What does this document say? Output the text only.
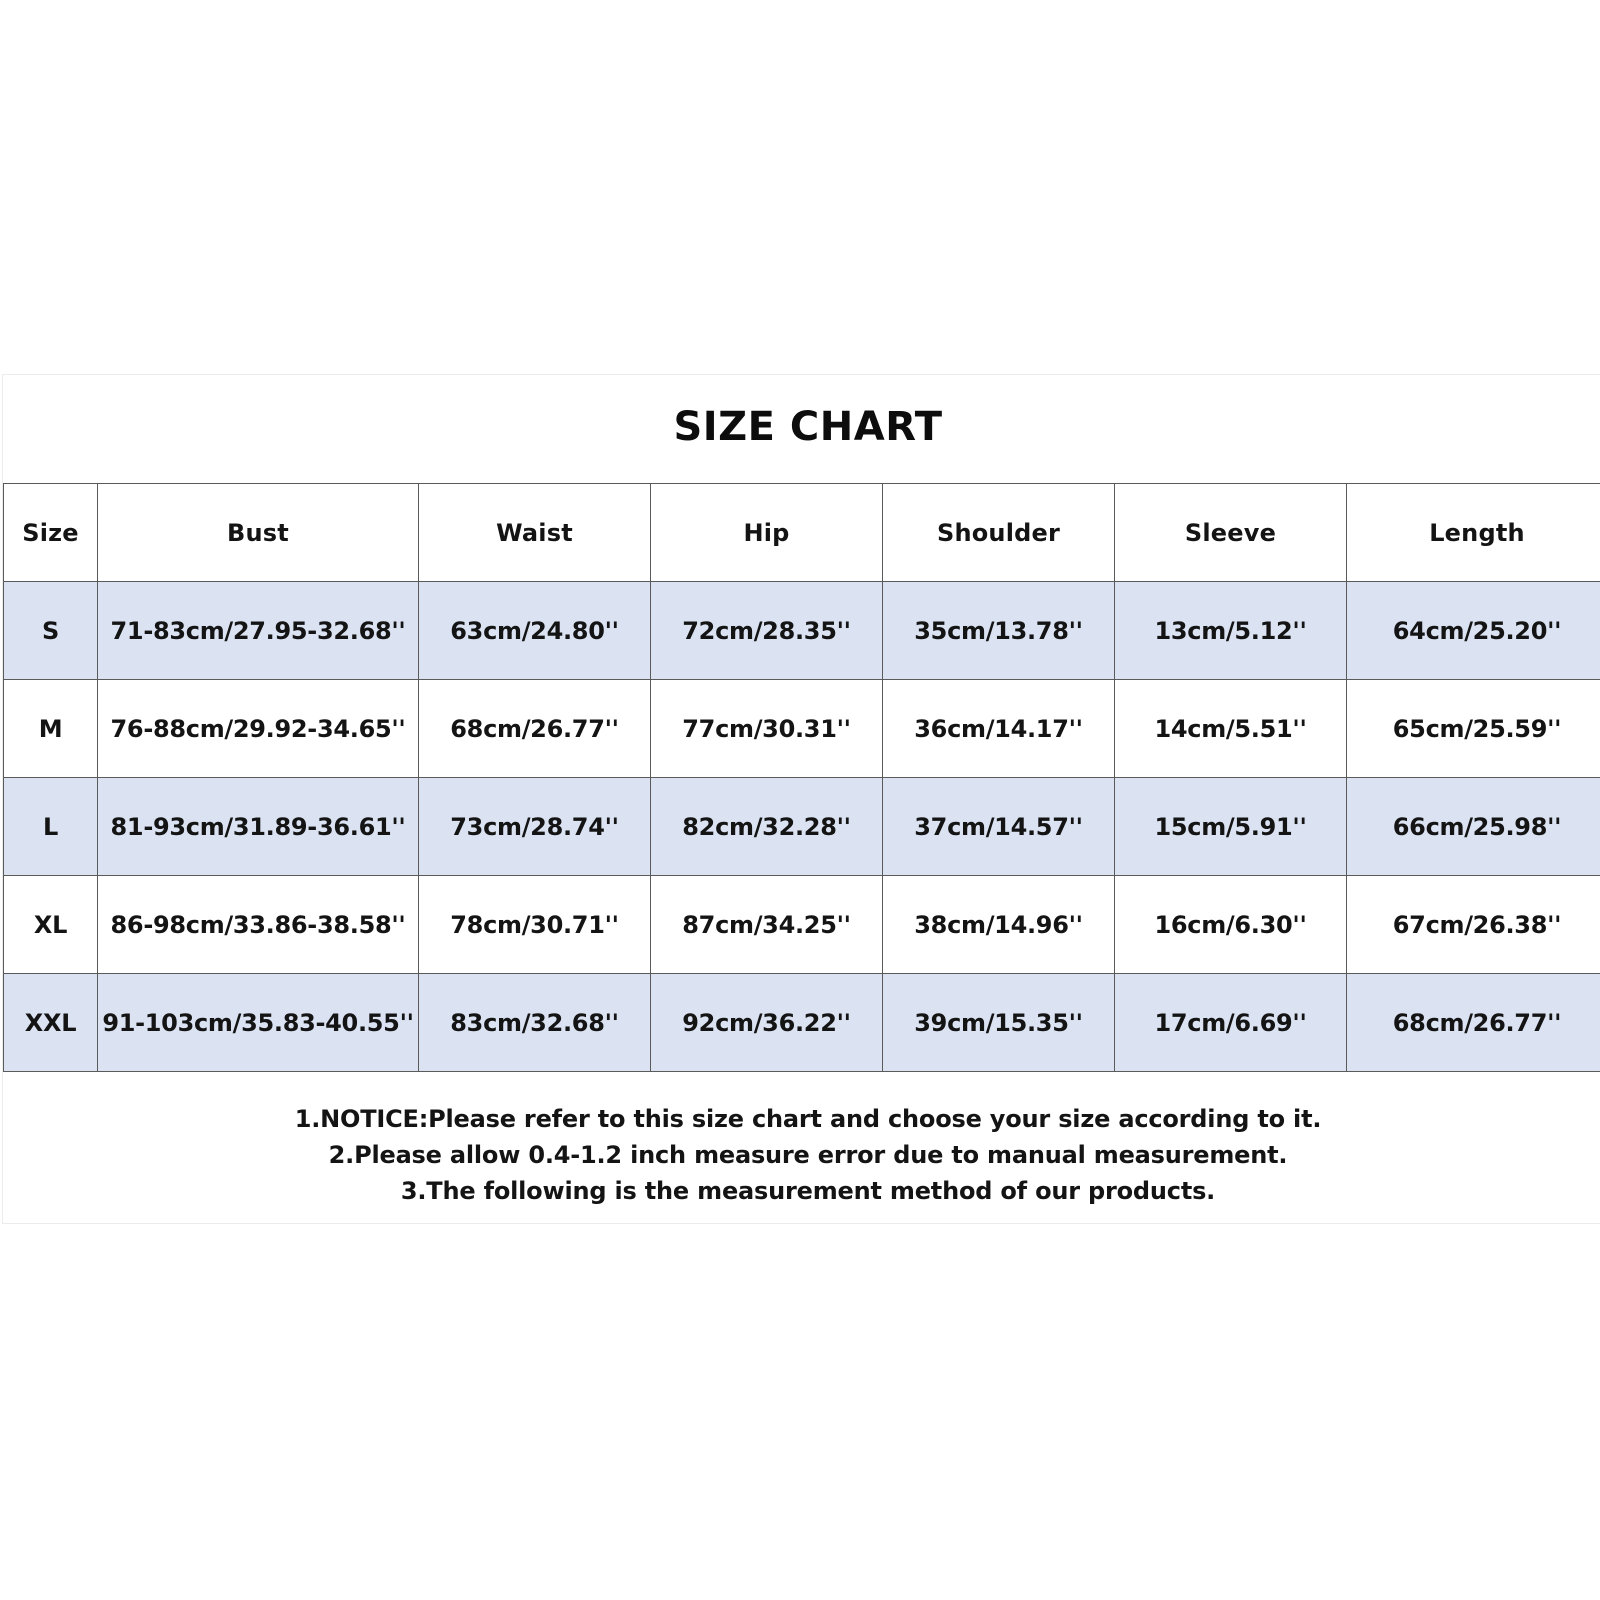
SIZE CHART
Size	Bust	Waist	Hip	Shoulder	Sleeve	Length
S	71-83cm/27.95-32.68''	63cm/24.80''	72cm/28.35''	35cm/13.78''	13cm/5.12''	64cm/25.20''
M	76-88cm/29.92-34.65''	68cm/26.77''	77cm/30.31''	36cm/14.17''	14cm/5.51''	65cm/25.59''
L	81-93cm/31.89-36.61''	73cm/28.74''	82cm/32.28''	37cm/14.57''	15cm/5.91''	66cm/25.98''
XL	86-98cm/33.86-38.58''	78cm/30.71''	87cm/34.25''	38cm/14.96''	16cm/6.30''	67cm/26.38''
XXL	91-103cm/35.83-40.55''	83cm/32.68''	92cm/36.22''	39cm/15.35''	17cm/6.69''	68cm/26.77''
1.NOTICE:Please refer to this size chart and choose your size according to it.
2.Please allow 0.4-1.2 inch measure error due to manual measurement.
3.The following is the measurement method of our products.
